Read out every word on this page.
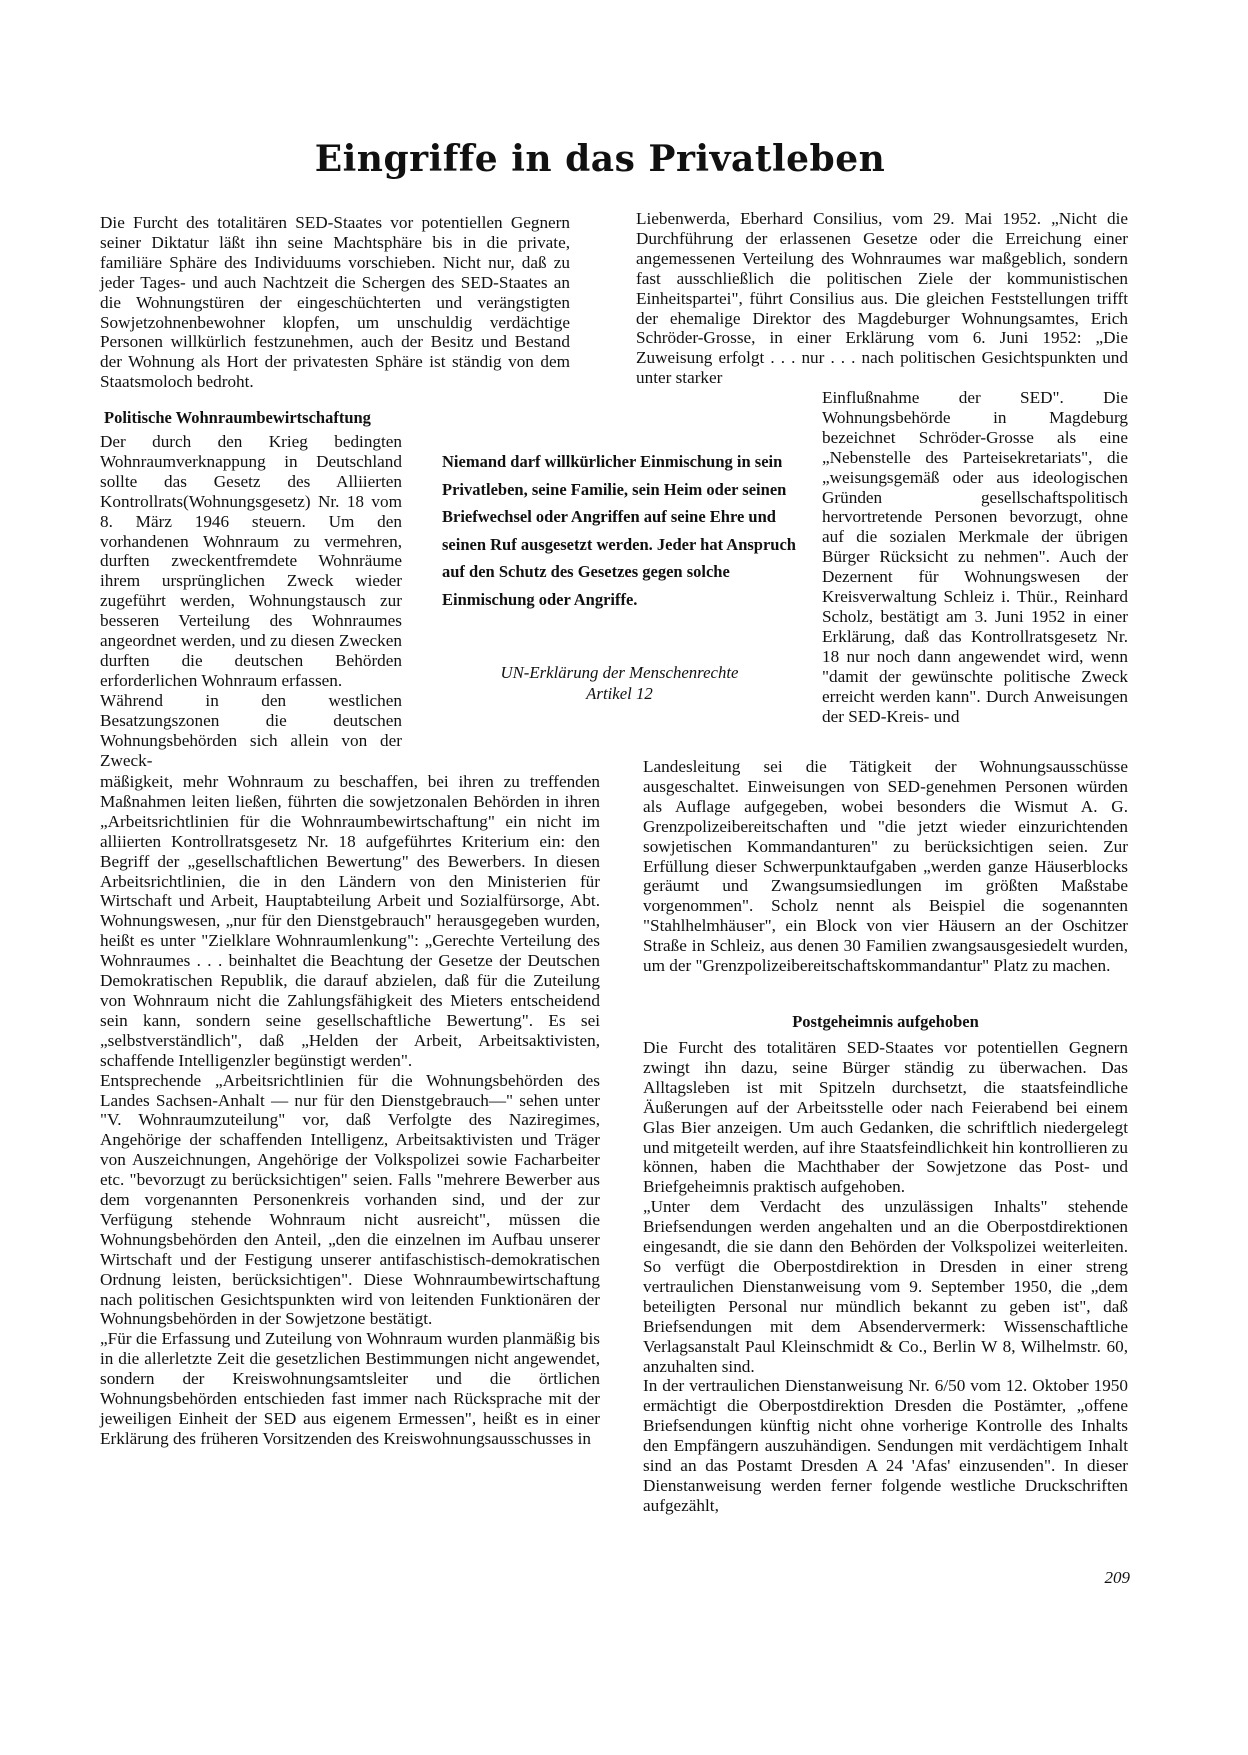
Eingriffe in das Privatleben

Die Furcht des totalitären SED-Staates vor potentiellen Gegnern seiner Diktatur läßt ihn seine Machtsphäre bis in die private, familiäre Sphäre des Individuums vorschieben. Nicht nur, daß zu jeder Tages- und auch Nachtzeit die Schergen des SED-Staates an die Wohnungstüren der eingeschüchterten und verängstigten Sowjetzohnenbewohner klopfen, um unschuldig verdächtige Personen willkürlich festzunehmen, auch der Besitz und Bestand der Wohnung als Hort der privatesten Sphäre ist ständig von dem Staatsmoloch bedroht.

Politische Wohnraumbewirtschaftung

Der durch den Krieg bedingten Wohnraumverknappung in Deutschland sollte das Gesetz des Alliierten Kontrollrats(Wohnungsgesetz) Nr. 18 vom 8. März 1946 steuern. Um den vorhandenen Wohnraum zu vermehren, durften zweckentfremdete Wohnräume ihrem ursprünglichen Zweck wieder zugeführt werden, Wohnungstausch zur besseren Verteilung des Wohnraumes angeordnet werden, und zu diesen Zwecken durften die deutschen Behörden erforderlichen Wohnraum erfassen.

Während in den westlichen Besatzungszonen die deutschen Wohnungsbehörden sich allein von der Zweck-

Niemand darf willkürlicher Einmischung in sein Privatleben, seine Familie, sein Heim oder seinen Briefwechsel oder Angriffen auf seine Ehre und seinen Ruf ausgesetzt werden. Jeder hat Anspruch auf den Schutz des Gesetzes gegen solche Einmischung oder Angriffe.
UN-Erklärung der Menschenrechte
Artikel 12

mäßigkeit, mehr Wohnraum zu beschaffen, bei ihren zu treffenden Maßnahmen leiten ließen, führten die sowjetzonalen Behörden in ihren „Arbeitsrichtlinien für die Wohnraumbewirtschaftung" ein nicht im alliierten Kontrollratsgesetz Nr. 18 aufgeführtes Kriterium ein: den Begriff der „gesellschaftlichen Bewertung" des Bewerbers. In diesen Arbeitsrichtlinien, die in den Ländern von den Ministerien für Wirtschaft und Arbeit, Hauptabteilung Arbeit und Sozialfürsorge, Abt. Wohnungswesen, „nur für den Dienstgebrauch" herausgegeben wurden, heißt es unter "Zielklare Wohnraumlenkung": „Gerechte Verteilung des Wohnraumes . . . beinhaltet die Beachtung der Gesetze der Deutschen Demokratischen Republik, die darauf abzielen, daß für die Zuteilung von Wohnraum nicht die Zahlungsfähigkeit des Mieters entscheidend sein kann, sondern seine gesellschaftliche Bewertung". Es sei „selbstverständlich", daß „Helden der Arbeit, Arbeitsaktivisten, schaffende Intelligenzler begünstigt werden".

Entsprechende „Arbeitsrichtlinien für die Wohnungsbehörden des Landes Sachsen-Anhalt — nur für den Dienstgebrauch—" sehen unter "V. Wohnraumzuteilung" vor, daß Verfolgte des Naziregimes, Angehörige der schaffenden Intelligenz, Arbeitsaktivisten und Träger von Auszeichnungen, Angehörige der Volkspolizei sowie Facharbeiter etc. "bevorzugt zu berücksichtigen" seien. Falls "mehrere Bewerber aus dem vorgenannten Personenkreis vorhanden sind, und der zur Verfügung stehende Wohnraum nicht ausreicht", müssen die Wohnungsbehörden den Anteil, „den die einzelnen im Aufbau unserer Wirtschaft und der Festigung unserer antifaschistisch-demokratischen Ordnung leisten, berücksichtigen". Diese Wohnraumbewirtschaftung nach politischen Gesichtspunkten wird von leitenden Funktionären der Wohnungsbehörden in der Sowjetzone bestätigt.

„Für die Erfassung und Zuteilung von Wohnraum wurden planmäßig bis in die allerletzte Zeit die gesetzlichen Bestimmungen nicht angewendet, sondern der Kreiswohnungsamtsleiter und die örtlichen Wohnungsbehörden entschieden fast immer nach Rücksprache mit der jeweiligen Einheit der SED aus eigenem Ermessen", heißt es in einer Erklärung des früheren Vorsitzenden des Kreiswohnungsausschusses in

Liebenwerda, Eberhard Consilius, vom 29. Mai 1952. „Nicht die Durchführung der erlassenen Gesetze oder die Erreichung einer angemessenen Verteilung des Wohnraumes war maßgeblich, sondern fast ausschließlich die politischen Ziele der kommunistischen Einheitspartei", führt Consilius aus. Die gleichen Feststellungen trifft der ehemalige Direktor des Magdeburger Wohnungsamtes, Erich Schröder-Grosse, in einer Erklärung vom 6. Juni 1952: „Die Zuweisung erfolgt . . . nur . . . nach politischen Gesichtspunkten und unter starker

Einflußnahme der SED". Die Wohnungsbehörde in Magdeburg bezeichnet Schröder-Grosse als eine „Nebenstelle des Parteisekretariats", die „weisungsgemäß oder aus ideologischen Gründen gesellschaftspolitisch hervortretende Personen bevorzugt, ohne auf die sozialen Merkmale der übrigen Bürger Rücksicht zu nehmen". Auch der Dezernent für Wohnungswesen der Kreisverwaltung Schleiz i. Thür., Reinhard Scholz, bestätigt am 3. Juni 1952 in einer Erklärung, daß das Kontrollratsgesetz Nr. 18 nur noch dann angewendet wird, wenn "damit der gewünschte politische Zweck erreicht werden kann". Durch Anweisungen der SED-Kreis- und

Landesleitung sei die Tätigkeit der Wohnungsausschüsse ausgeschaltet. Einweisungen von SED-genehmen Personen würden als Auflage aufgegeben, wobei besonders die Wismut A. G. Grenzpolizeibereitschaften und "die jetzt wieder einzurichtenden sowjetischen Kommandanturen" zu berücksichtigen seien. Zur Erfüllung dieser Schwerpunktaufgaben „werden ganze Häuserblocks geräumt und Zwangsumsiedlungen im größten Maßstabe vorgenommen". Scholz nennt als Beispiel die sogenannten "Stahlhelmhäuser", ein Block von vier Häusern an der Oschitzer Straße in Schleiz, aus denen 30 Familien zwangsausgesiedelt wurden, um der "Grenzpolizeibereitschaftskommandantur" Platz zu machen.

Postgeheimnis aufgehoben

Die Furcht des totalitären SED-Staates vor potentiellen Gegnern zwingt ihn dazu, seine Bürger ständig zu überwachen. Das Alltagsleben ist mit Spitzeln durchsetzt, die staatsfeindliche Äußerungen auf der Arbeitsstelle oder nach Feierabend bei einem Glas Bier anzeigen. Um auch Gedanken, die schriftlich niedergelegt und mitgeteilt werden, auf ihre Staatsfeindlichkeit hin kontrollieren zu können, haben die Machthaber der Sowjetzone das Post- und Briefgeheimnis praktisch aufgehoben.

„Unter dem Verdacht des unzulässigen Inhalts" stehende Briefsendungen werden angehalten und an die Oberpostdirektionen eingesandt, die sie dann den Behörden der Volkspolizei weiterleiten. So verfügt die Oberpostdirektion in Dresden in einer streng vertraulichen Dienstanweisung vom 9. September 1950, die „dem beteiligten Personal nur mündlich bekannt zu geben ist", daß Briefsendungen mit dem Absendervermerk: Wissenschaftliche Verlagsanstalt Paul Kleinschmidt & Co., Berlin W 8, Wilhelmstr. 60, anzuhalten sind.

In der vertraulichen Dienstanweisung Nr. 6/50 vom 12. Oktober 1950 ermächtigt die Oberpostdirektion Dresden die Postämter, „offene Briefsendungen künftig nicht ohne vorherige Kontrolle des Inhalts den Empfängern auszuhändigen. Sendungen mit verdächtigem Inhalt sind an das Postamt Dresden A 24 'Afas' einzusenden". In dieser Dienstanweisung werden ferner folgende westliche Druckschriften aufgezählt,

209
